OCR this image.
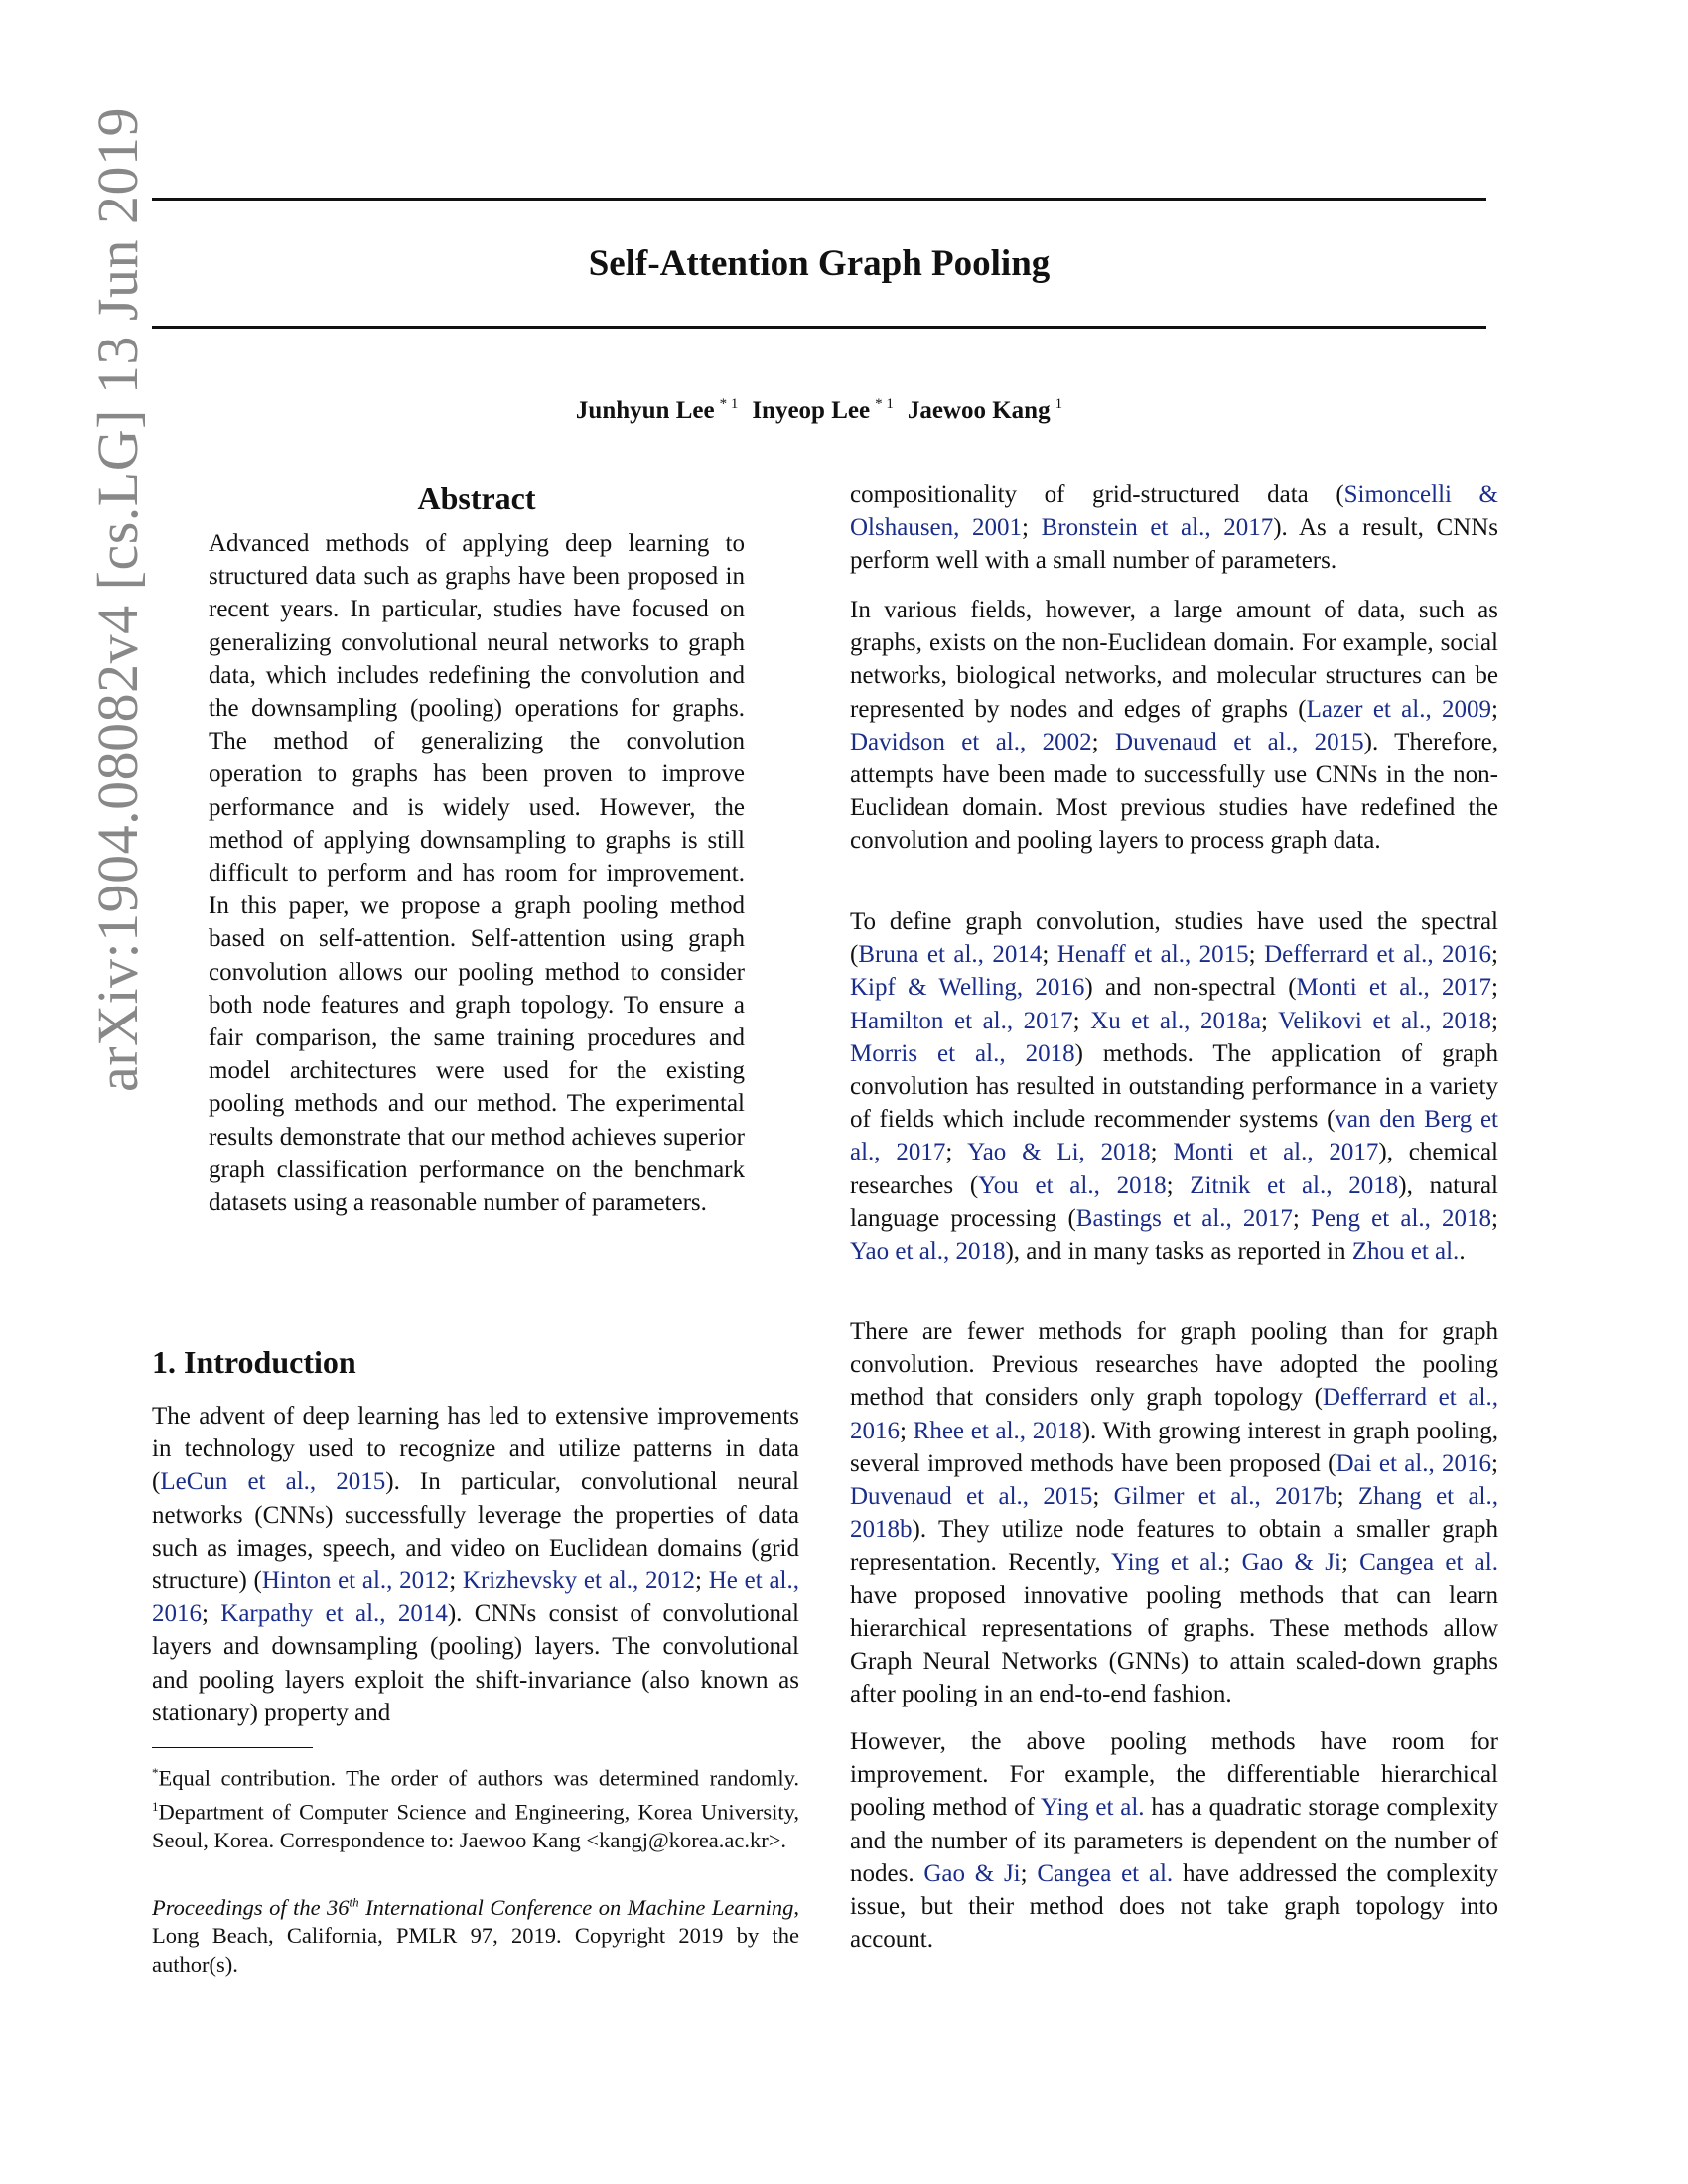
Self-Attention Graph Pooling
Junhyun Lee $^{* 1}$ Inyeop Lee $^{* 1}$ Jaewoo Kang $^1$
arXiv:1904.08082v4 [cs.LG] 13 Jun 2019	Abstract

Advanced methods of applying deep learning to structured data such as graphs have been proposed in recent years. In particular, studies have focused on generalizing convolutional neural networks to graph data, which includes redefining the convolution and the downsampling (pooling) operations for graphs. The method of generalizing the convolution operation to graphs has been proven to improve performance and is widely used. However, the method of applying downsampling to graphs is still difficult to perform and has room for improvement. In this paper, we propose a graph pooling method based on self-attention. Self-attention using graph convolution allows our pooling method to consider both node features and graph topology. To ensure a fair comparison, the same training procedures and model architectures were used for the existing pooling methods and our method. The experimental results demonstrate that our method achieves superior graph classification performance on the benchmark datasets using a reasonable number of parameters.

1. Introduction

The advent of deep learning has led to extensive improvements in technology used to recognize and utilize patterns in data (LeCun et al., 2015). In particular, convolutional neural networks (CNNs) successfully leverage the properties of data such as images, speech, and video on Euclidean domains (grid structure) (Hinton et al., 2012; Krizhevsky et al., 2012; He et al., 2016; Karpathy et al., 2014). CNNs consist of convolutional layers and downsampling (pooling) layers. The convolutional and pooling layers exploit the shift-invariance (also known as stationary) property and

*Equal contribution. The order of authors was determined randomly. $^1$Department of Computer Science and Engineering, Korea University, Seoul, Korea. Correspondence to: Jaewoo Kang <kangj@korea.ac.kr>.

Proceedings of the 36th International Conference on Machine Learning, Long Beach, California, PMLR 97, 2019. Copyright 2019 by the author(s).

compositionality of grid-structured data (Simoncelli & Olshausen, 2001; Bronstein et al., 2017). As a result, CNNs perform well with a small number of parameters.

In various fields, however, a large amount of data, such as graphs, exists on the non-Euclidean domain. For example, social networks, biological networks, and molecular structures can be represented by nodes and edges of graphs (Lazer et al., 2009; Davidson et al., 2002; Duvenaud et al., 2015). Therefore, attempts have been made to successfully use CNNs in the non-Euclidean domain. Most previous studies have redefined the convolution and pooling layers to process graph data.

To define graph convolution, studies have used the spectral (Bruna et al., 2014; Henaff et al., 2015; Defferrard et al., 2016; Kipf & Welling, 2016) and non-spectral (Monti et al., 2017; Hamilton et al., 2017; Xu et al., 2018a; Velikovi et al., 2018; Morris et al., 2018) methods. The application of graph convolution has resulted in outstanding performance in a variety of fields which include recommender systems (van den Berg et al., 2017; Yao & Li, 2018; Monti et al., 2017), chemical researches (You et al., 2018; Zitnik et al., 2018), natural language processing (Bastings et al., 2017; Peng et al., 2018; Yao et al., 2018), and in many tasks as reported in Zhou et al..

There are fewer methods for graph pooling than for graph convolution. Previous researches have adopted the pooling method that considers only graph topology (Defferrard et al., 2016; Rhee et al., 2018). With growing interest in graph pooling, several improved methods have been proposed (Dai et al., 2016; Duvenaud et al., 2015; Gilmer et al., 2017b; Zhang et al., 2018b). They utilize node features to obtain a smaller graph representation. Recently, Ying et al.; Gao & Ji; Cangea et al. have proposed innovative pooling methods that can learn hierarchical representations of graphs. These methods allow Graph Neural Networks (GNNs) to attain scaled-down graphs after pooling in an end-to-end fashion.

However, the above pooling methods have room for improvement. For example, the differentiable hierarchical pooling method of Ying et al. has a quadratic storage complexity and the number of its parameters is dependent on the number of nodes. Gao & Ji; Cangea et al. have addressed the complexity issue, but their method does not take graph topology into account.
